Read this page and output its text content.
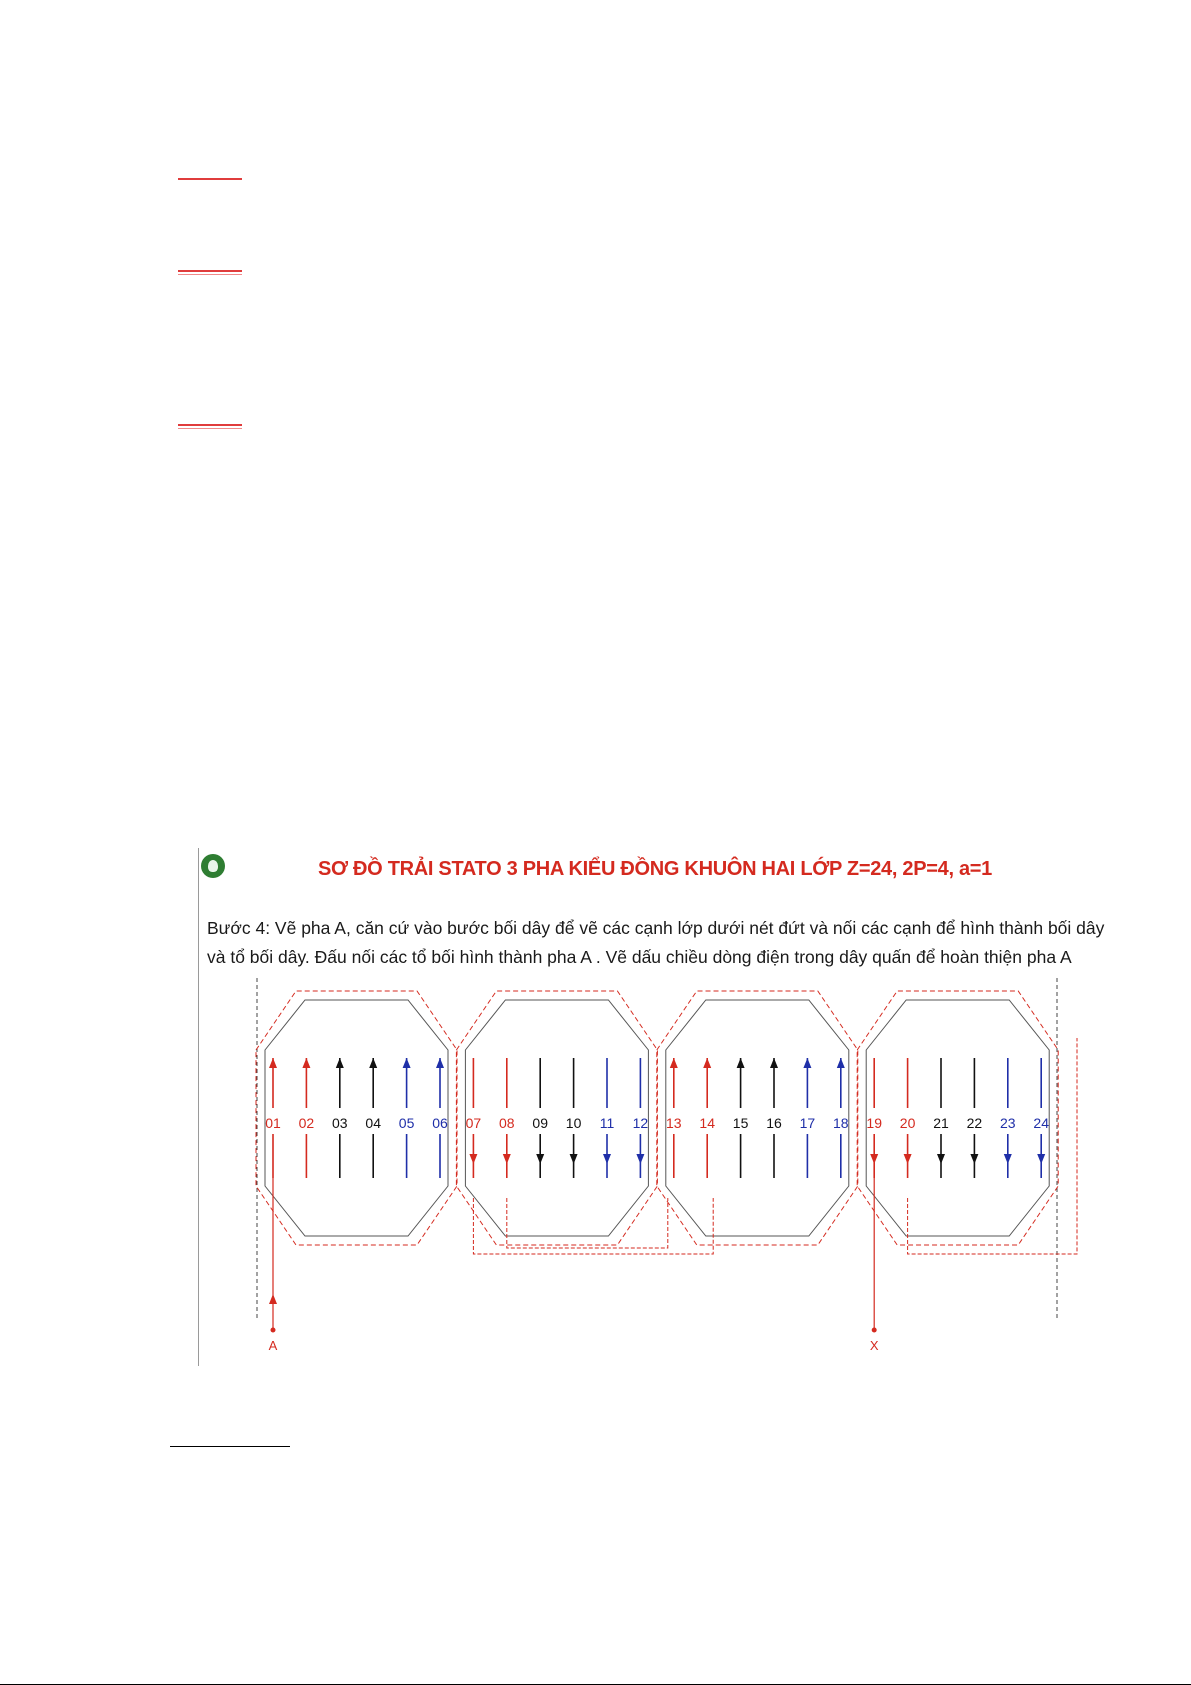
SƠ ĐỒ TRẢI STATO 3 PHA KIỂU ĐỒNG KHUÔN HAI LỚP Z=24, 2P=4, a=1
Bước 4: Vẽ pha A, căn cứ vào bước bối dây để vẽ các cạnh lớp dưới nét đứt và nối các cạnh để hình thành bối dây và tổ bối dây. Đấu nối các tổ bối hình thành pha A . Vẽ dấu chiều dòng điện trong dây quấn để hoàn thiện pha A
01 02 03 04 05 06 07 08 09 10 11 12 13 14 15 16 17 18 19 20 21 22 23 24
A	X
